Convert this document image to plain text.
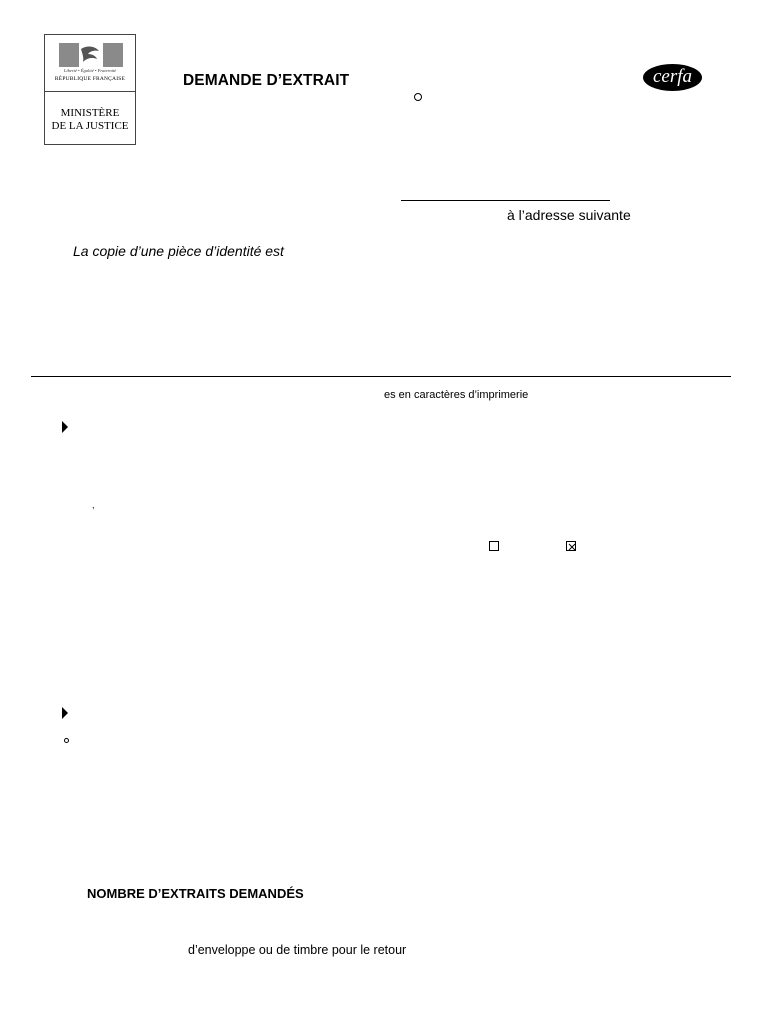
Liberté • Égalité • Fraternité
RÉPUBLIQUE FRANÇAISE
MINISTÈRE
DE LA JUSTICE
DEMANDE D’EXTRAIT	cerfa
à l’adresse suivante
La copie d’une pièce d’identité est
es en caractères d’imprimerie
,
NOMBRE D’EXTRAITS DEMANDÉS
d’enveloppe ou de timbre pour le retour
